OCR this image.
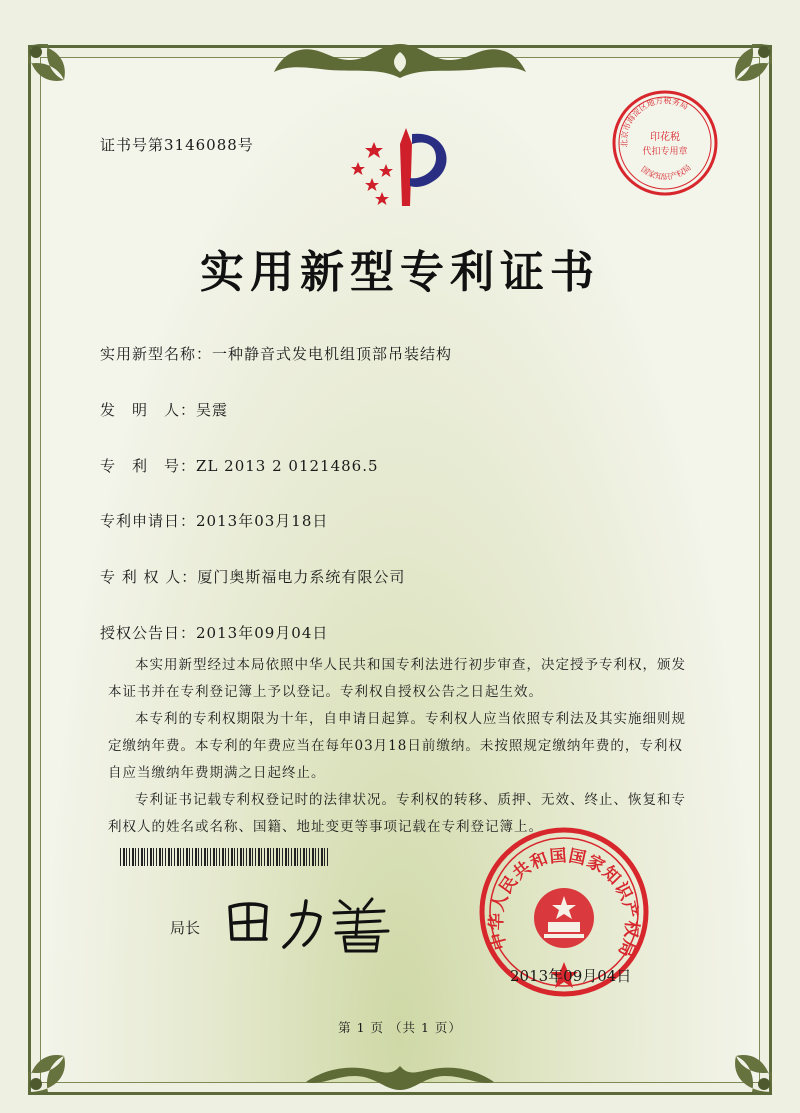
证书号第3146088号	北京市海淀区地方税务局
印花税
代扣专用章
国家知识产权局
实用新型专利证书
实用新型名称：一种静音式发电机组顶部吊装结构
发　明　人：吴震
专　利　号：ZL 2013 2 0121486.5
专利申请日：2013年03月18日
专 利 权 人：厦门奥斯福电力系统有限公司
授权公告日：2013年09月04日

本实用新型经过本局依照中华人民共和国专利法进行初步审查，决定授予专利权，颁发本证书并在专利登记簿上予以登记。专利权自授权公告之日起生效。

本专利的专利权期限为十年，自申请日起算。专利权人应当依照专利法及其实施细则规定缴纳年费。本专利的年费应当在每年03月18日前缴纳。未按照规定缴纳年费的，专利权自应当缴纳年费期满之日起终止。

专利证书记载专利权登记时的法律状况。专利权的转移、质押、无效、终止、恢复和专利权人的姓名或名称、国籍、地址变更等事项记载在专利登记簿上。

局长
中华人民共和国国家知识产权局
2013年09月04日
第 1 页 （共 1 页）
